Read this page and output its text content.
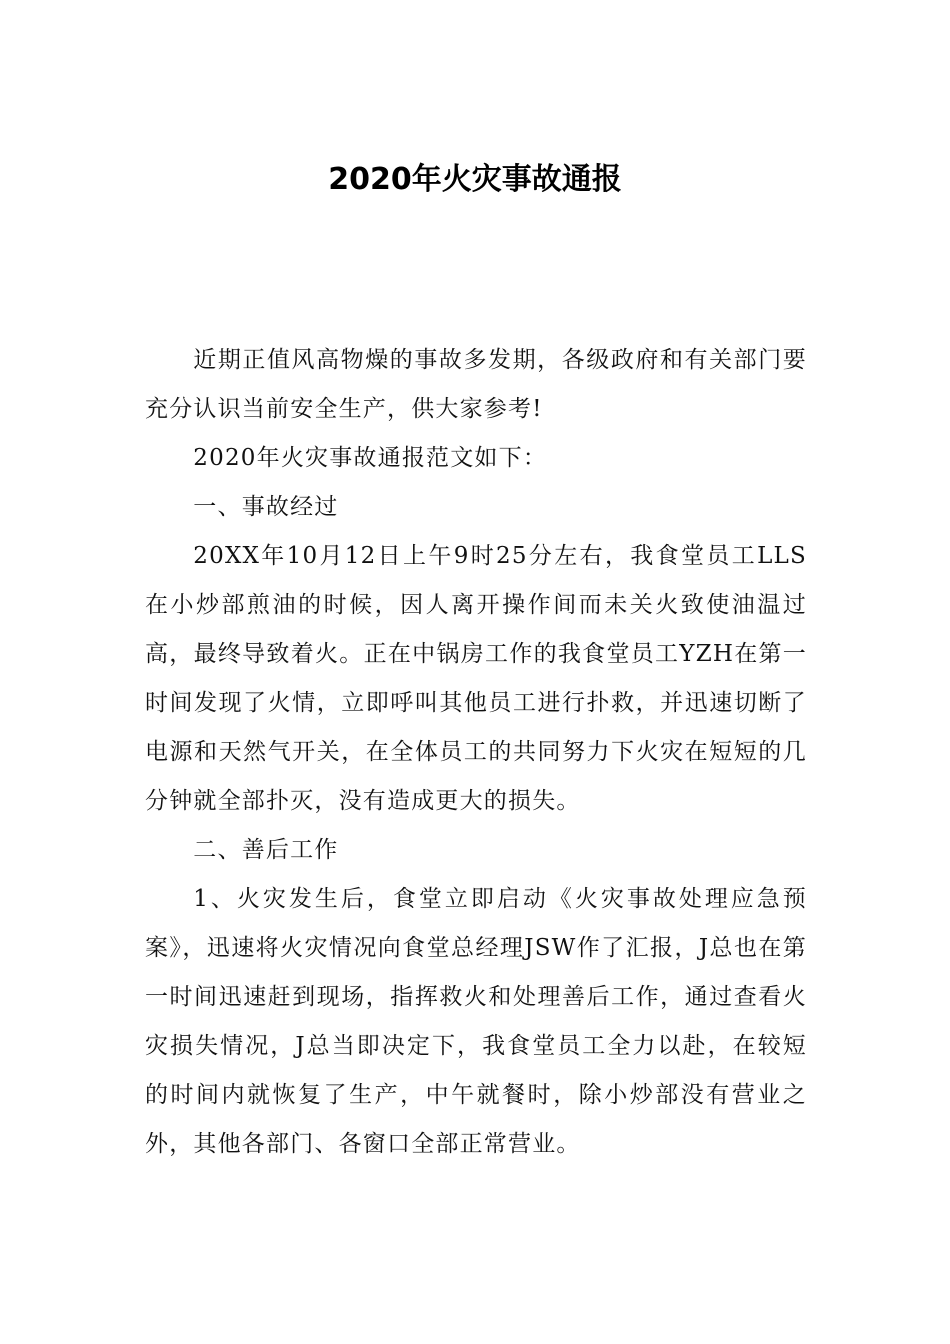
2020年火灾事故通报

近期正值风高物燥的事故多发期，各级政府和有关部门要充分认识当前安全生产，供大家参考!

2020年火灾事故通报范文如下：

一、事故经过

20XX年10月12日上午9时25分左右，我食堂员工LLS在小炒部煎油的时候，因人离开操作间而未关火致使油温过高，最终导致着火。正在中锅房工作的我食堂员工YZH在第一时间发现了火情，立即呼叫其他员工进行扑救，并迅速切断了电源和天然气开关，在全体员工的共同努力下火灾在短短的几分钟就全部扑灭，没有造成更大的损失。

二、善后工作

1、火灾发生后，食堂立即启动《火灾事故处理应急预案》，迅速将火灾情况向食堂总经理JSW作了汇报，J总也在第一时间迅速赶到现场，指挥救火和处理善后工作，通过查看火灾损失情况，J总当即决定下，我食堂员工全力以赴，在较短的时间内就恢复了生产，中午就餐时，除小炒部没有营业之外，其他各部门、各窗口全部正常营业。
